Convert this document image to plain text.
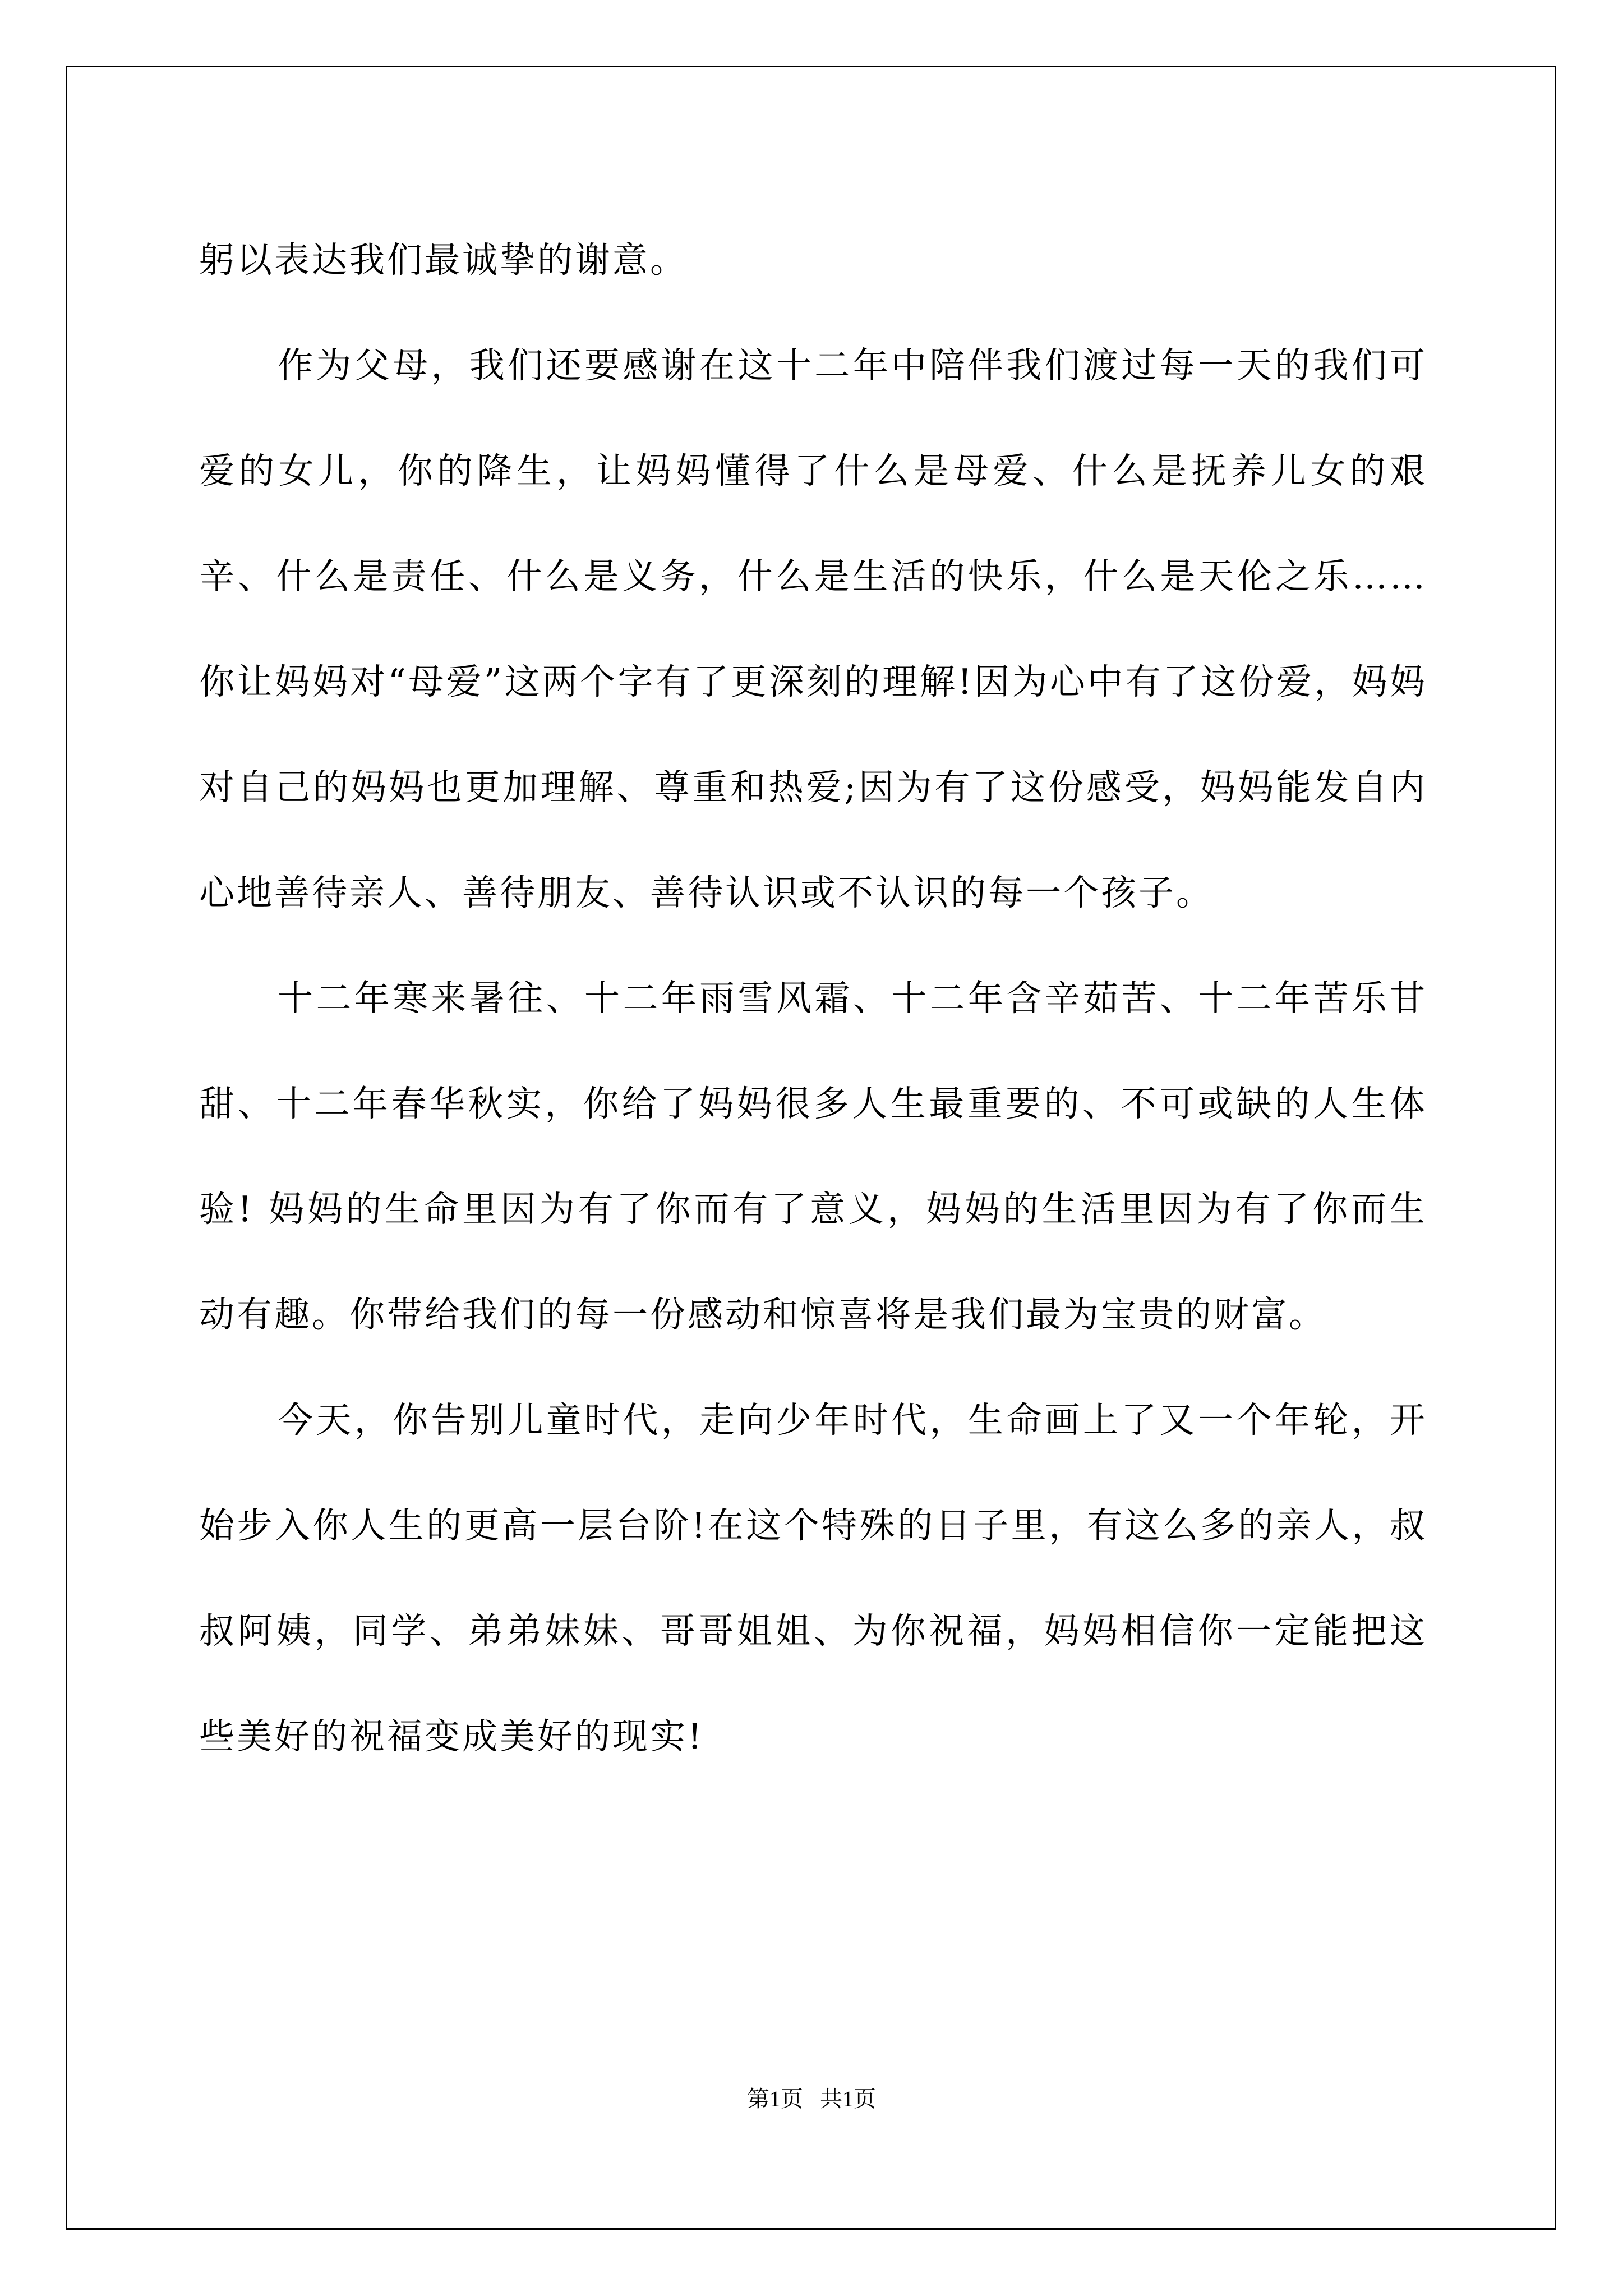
躬以表达我们最诚挚的谢意。

作为父母，我们还要感谢在这十二年中陪伴我们渡过每一天的我们可爱的女儿，你的降生，让妈妈懂得了什么是母爱、什么是抚养儿女的艰辛、什么是责任、什么是义务，什么是生活的快乐，什么是天伦之乐……你让妈妈对“母爱”这两个字有了更深刻的理解!因为心中有了这份爱，妈妈对自己的妈妈也更加理解、尊重和热爱;因为有了这份感受，妈妈能发自内心地善待亲人、善待朋友、善待认识或不认识的每一个孩子。

十二年寒来暑往、十二年雨雪风霜、十二年含辛茹苦、十二年苦乐甘甜、十二年春华秋实，你给了妈妈很多人生最重要的、不可或缺的人生体验! 妈妈的生命里因为有了你而有了意义，妈妈的生活里因为有了你而生动有趣。你带给我们的每一份感动和惊喜将是我们最为宝贵的财富。

今天，你告别儿童时代，走向少年时代，生命画上了又一个年轮，开始步入你人生的更高一层台阶!在这个特殊的日子里，有这么多的亲人，叔叔阿姨，同学、弟弟妹妹、哥哥姐姐、为你祝福，妈妈相信你一定能把这些美好的祝福变成美好的现实!

第1页   共1页
